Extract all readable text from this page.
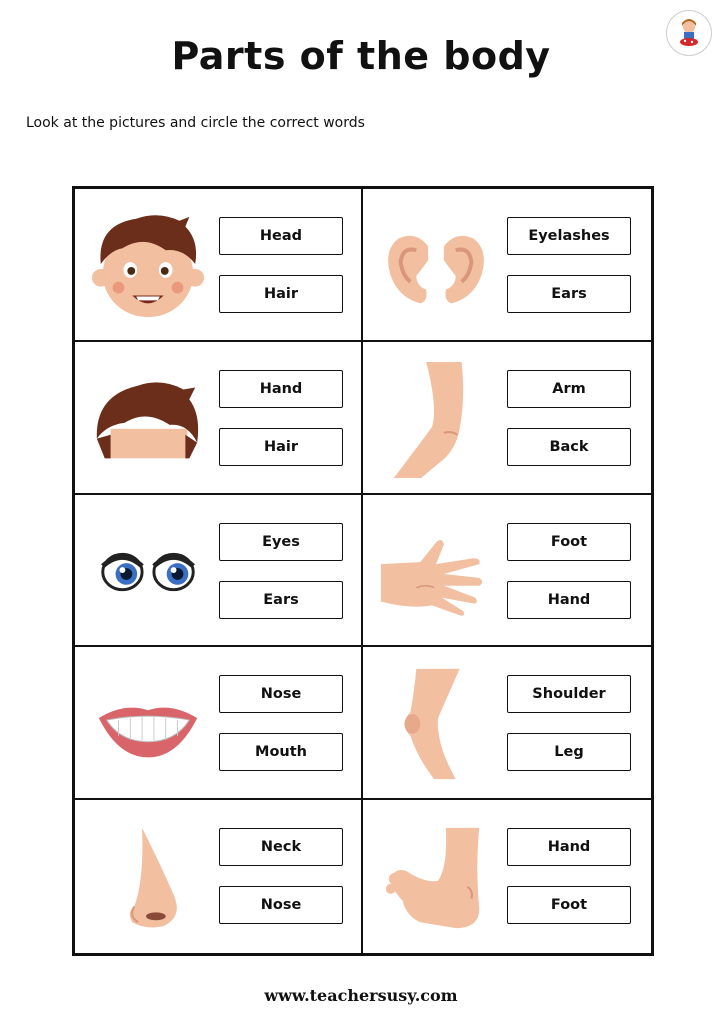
Parts of the body
Look at the pictures and circle the correct words
Head
Hair
Eyelashes
Ears
Hand
Hair
Arm
Back
Eyes
Ears
Foot
Hand
Nose
Mouth
Shoulder
Leg
Neck
Nose
Hand
Foot
www.teachersusy.com
